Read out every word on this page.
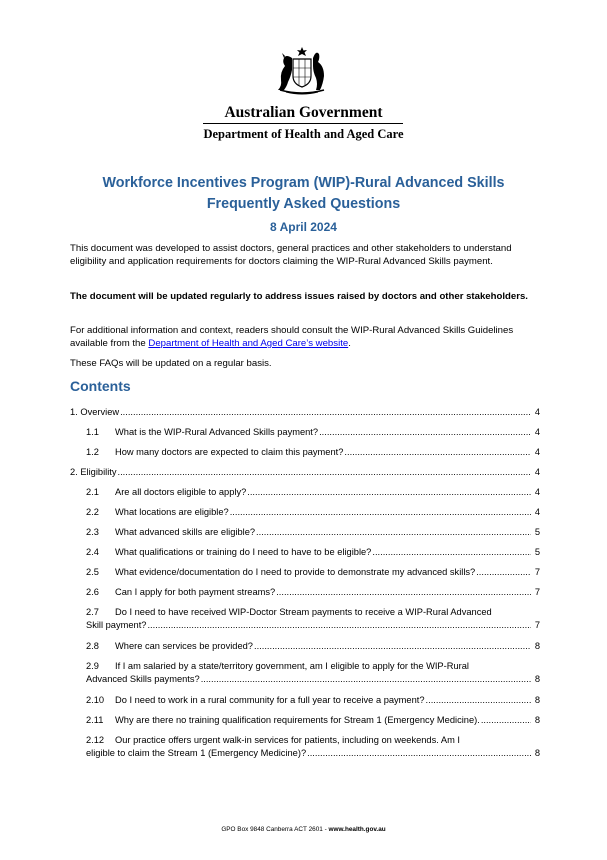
Australian Government
Department of Health and Aged Care
Workforce Incentives Program (WIP)-Rural Advanced Skills
Frequently Asked Questions
8 April 2024
This document was developed to assist doctors, general practices and other stakeholders to understand eligibility and application requirements for doctors claiming the WIP-Rural Advanced Skills payment.
The document will be updated regularly to address issues raised by doctors and other stakeholders.
For additional information and context, readers should consult the WIP-Rural Advanced Skills Guidelines available from the Department of Health and Aged Care’s website.
These FAQs will be updated on a regular basis.
Contents
1. Overview .....	4
1.1	What is the WIP-Rural Advanced Skills payment? .....	4
1.2	How many doctors are expected to claim this payment? .....	4
2. Eligibility .....	4
2.1	Are all doctors eligible to apply? .....	4
2.2	What locations are eligible? .....	4
2.3	What advanced skills are eligible? .....	5
2.4	What qualifications or training do I need to have to be eligible? .....	5
2.5	What evidence/documentation do I need to provide to demonstrate my advanced skills? .....	7
2.6	Can I apply for both payment streams? .....	7
2.7	Do I need to have received WIP-Doctor Stream payments to receive a WIP-Rural Advanced
Skill payment? .....	7
2.8	Where can services be provided? .....	8
2.9	If I am salaried by a state/territory government, am I eligible to apply for the WIP-Rural
Advanced Skills payments? .....	8
2.10	Do I need to work in a rural community for a full year to receive a payment? .....	8
2.11	Why are there no training qualification requirements for Stream 1 (Emergency Medicine). .....	8
2.12	Our practice offers urgent walk-in services for patients, including on weekends. Am I
eligible to claim the Stream 1 (Emergency Medicine)? .....	8
GPO Box 9848 Canberra ACT 2601 - www.health.gov.au
